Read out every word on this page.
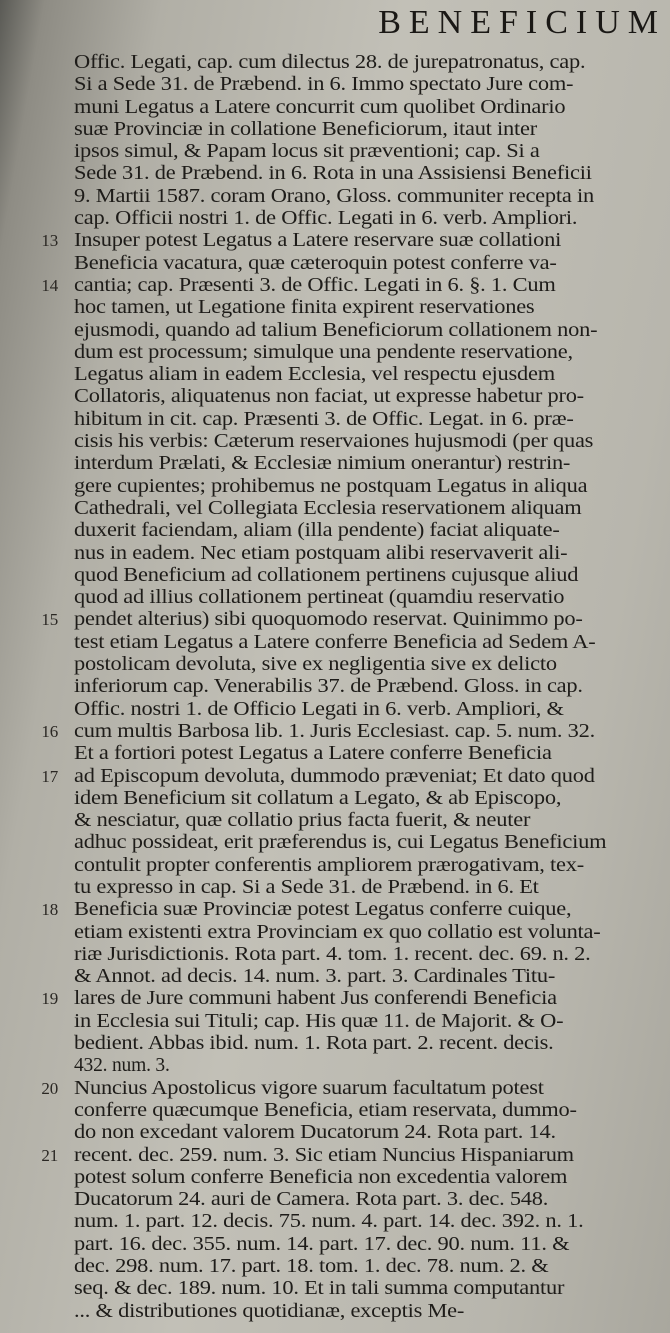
BENEFICIUM
Offic. Legati, cap. cum dilectus 28. de jurepatronatus, cap.
Si a Sede 31. de Præbend. in 6. Immo spectato Jure com-
muni Legatus a Latere concurrit cum quolibet Ordinario
suæ Provinciæ in collatione Beneficiorum, itaut inter
ipsos simul, & Papam locus sit præventioni; cap. Si a
Sede 31. de Præbend. in 6. Rota in una Assisiensi Beneficii
9. Martii 1587. coram Orano, Gloss. communiter recepta in
cap. Officii nostri 1. de Offic. Legati in 6. verb. Ampliori.
13 Insuper potest Legatus a Latere reservare suæ collationi
Beneficia vacatura, quæ cæteroquin potest conferre va-
14 cantia; cap. Præsenti 3. de Offic. Legati in 6. §. 1. Cum
hoc tamen, ut Legatione finita expirent reservationes
ejusmodi, quando ad talium Beneficiorum collationem non-
dum est processum; simulque una pendente reservatione,
Legatus aliam in eadem Ecclesia, vel respectu ejusdem
Collatoris, aliquatenus non faciat, ut expresse habetur pro-
hibitum in cit. cap. Præsenti 3. de Offic. Legat. in 6. præ-
cisis his verbis: Cæterum reservaiones hujusmodi (per quas
interdum Prælati, & Ecclesiæ nimium onerantur) restrin-
gere cupientes; prohibemus ne postquam Legatus in aliqua
Cathedrali, vel Collegiata Ecclesia reservationem aliquam
duxerit faciendam, aliam (illa pendente) faciat aliquate-
nus in eadem. Nec etiam postquam alibi reservaverit ali-
quod Beneficium ad collationem pertinens cujusque aliud
quod ad illius collationem pertineat (quamdiu reservatio
15 pendet alterius) sibi quoquomodo reservat. Quinimmo po-
test etiam Legatus a Latere conferre Beneficia ad Sedem A-
postolicam devoluta, sive ex negligentia sive ex delicto
inferiorum cap. Venerabilis 37. de Præbend. Gloss. in cap.
Offic. nostri 1. de Officio Legati in 6. verb. Ampliori, &
16 cum multis Barbosa lib. 1. Juris Ecclesiast. cap. 5. num. 32.
Et a fortiori potest Legatus a Latere conferre Beneficia
17 ad Episcopum devoluta, dummodo præveniat; Et dato quod
idem Beneficium sit collatum a Legato, & ab Episcopo,
& nesciatur, quæ collatio prius facta fuerit, & neuter
adhuc possideat, erit præferendus is, cui Legatus Beneficium
contulit propter conferentis ampliorem prærogativam, tex-
tu expresso in cap. Si a Sede 31. de Præbend. in 6. Et
18 Beneficia suæ Provinciæ potest Legatus conferre cuique,
etiam existenti extra Provinciam ex quo collatio est volunta-
riæ Jurisdictionis. Rota part. 4. tom. 1. recent. dec. 69. n. 2.
& Annot. ad decis. 14. num. 3. part. 3. Cardinales Titu-
19 lares de Jure communi habent Jus conferendi Beneficia
in Ecclesia sui Tituli; cap. His quæ 11. de Majorit. & O-
bedient. Abbas ibid. num. 1. Rota part. 2. recent. decis.
432. num. 3.
20 Nuncius Apostolicus vigore suarum facultatum potest
conferre quæcumque Beneficia, etiam reservata, dummo-
do non excedant valorem Ducatorum 24. Rota part. 14.
21 recent. dec. 259. num. 3. Sic etiam Nuncius Hispaniarum
potest solum conferre Beneficia non excedentia valorem
Ducatorum 24. auri de Camera. Rota part. 3. dec. 548.
num. 1. part. 12. decis. 75. num. 4. part. 14. dec. 392. n. 1.
part. 16. dec. 355. num. 14. part. 17. dec. 90. num. 11. &
dec. 298. num. 17. part. 18. tom. 1. dec. 78. num. 2. &
seq. & dec. 189. num. 10. Et in tali summa computantur
... & distributiones quotidianæ, exceptis Me-
